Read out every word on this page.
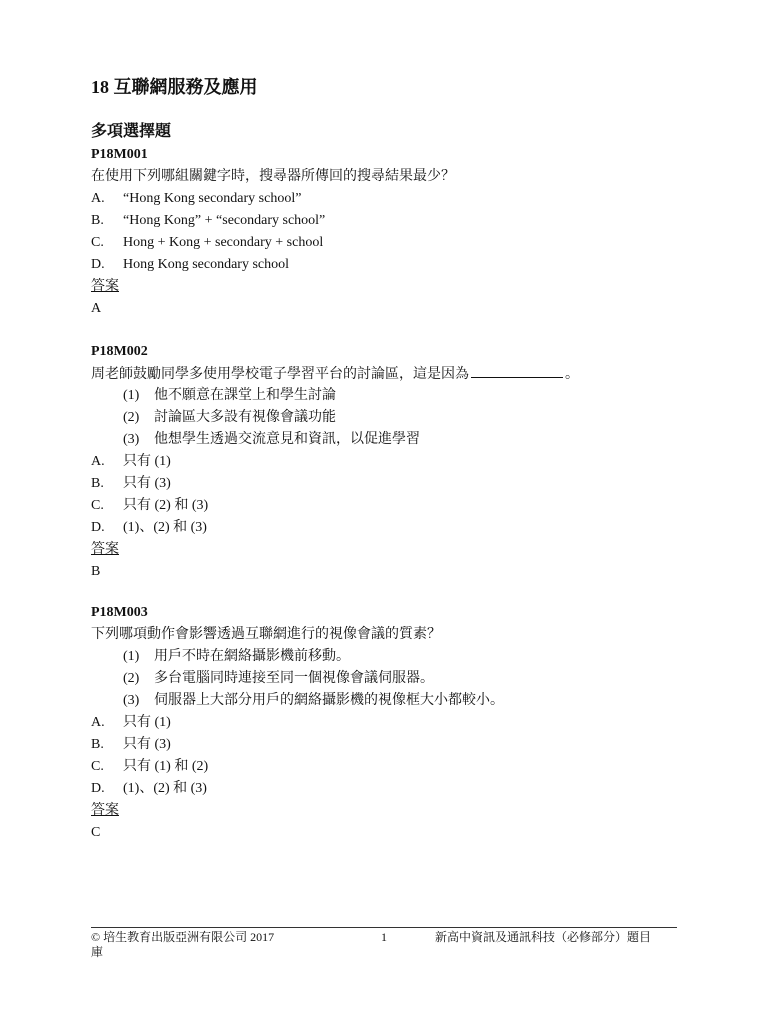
18 互聯網服務及應用
多項選擇題
P18M001
在使用下列哪組關鍵字時，搜尋器所傳回的搜尋結果最少？
A. “Hong Kong secondary school”
B. “Hong Kong” + “secondary school”
C. Hong + Kong + secondary + school
D. Hong Kong secondary school
答案
A
P18M002
周老師鼓勵同學多使用學校電子學習平台的討論區，這是因為	。
(1) 他不願意在課堂上和學生討論
(2) 討論區大多設有視像會議功能
(3) 他想學生透過交流意見和資訊，以促進學習
A. 只有 (1)
B. 只有 (3)
C. 只有 (2) 和 (3)
D. (1)、(2) 和 (3)
答案
B
P18M003
下列哪項動作會影響透過互聯網進行的視像會議的質素？
(1) 用戶不時在網絡攝影機前移動。
(2) 多台電腦同時連接至同一個視像會議伺服器。
(3) 伺服器上大部分用戶的網絡攝影機的視像框大小都較小。
A. 只有 (1)
B. 只有 (3)
C. 只有 (1) 和 (2)
D. (1)、(2) 和 (3)
答案
C
© 培生教育出版亞洲有限公司 2017
庫
1	新高中資訊及通訊科技（必修部分）題目
